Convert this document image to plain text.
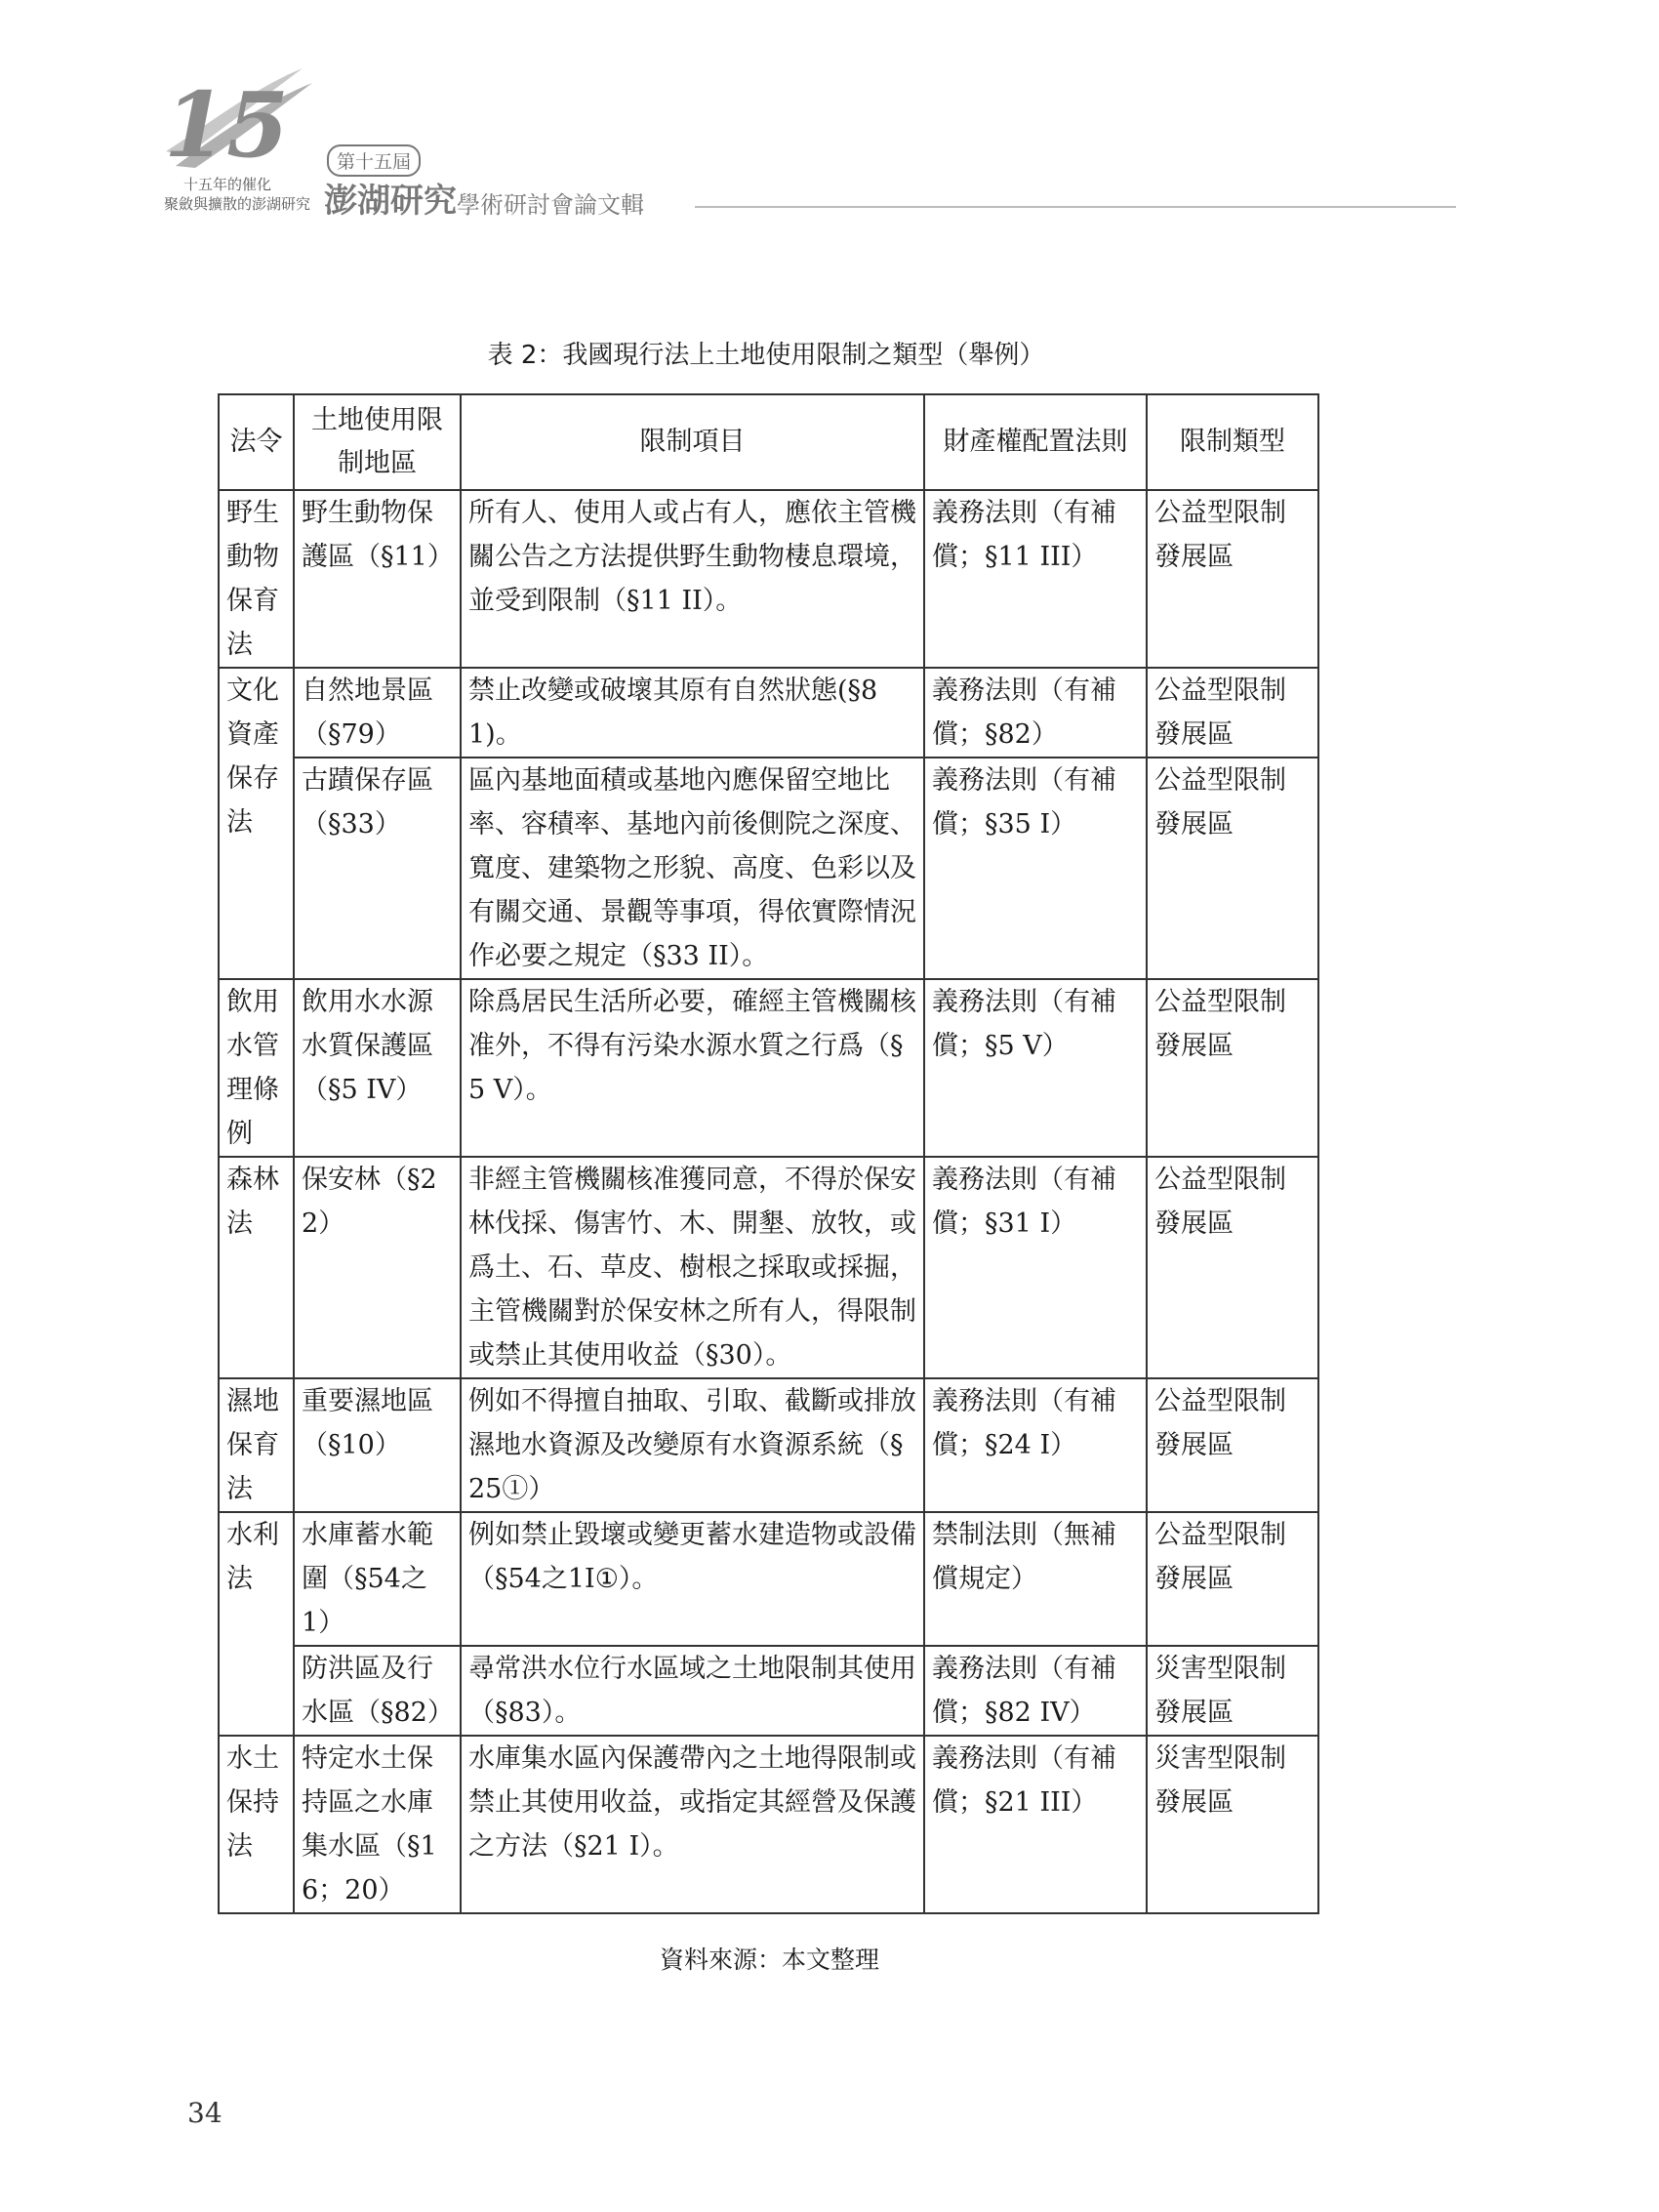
15
十五年的催化
聚斂與擴散的澎湖研究
第十五屆
澎湖研究 學術研討會論文輯
表 2：我國現行法上土地使用限制之類型（舉例）
法令	土地使用限制地區	限制項目	財產權配置法則	限制類型
野生動物保育法	野生動物保護區（§11）	所有人、使用人或占有人，應依主管機關公告之方法提供野生動物棲息環境，並受到限制（§11 II）。	義務法則（有補償；§11 III）	公益型限制發展區
文化資產保存法	自然地景區（§79）	禁止改變或破壞其原有自然狀態(§81)。	義務法則（有補償；§82）	公益型限制發展區
	古蹟保存區（§33）	區內基地面積或基地內應保留空地比率、容積率、基地內前後側院之深度、寬度、建築物之形貌、高度、色彩以及有關交通、景觀等事項，得依實際情況作必要之規定（§33 II）。	義務法則（有補償；§35 I）	公益型限制發展區
飲用水管理條例	飲用水水源水質保護區（§5 IV）	除爲居民生活所必要，確經主管機關核准外，不得有污染水源水質之行爲（§5 V）。	義務法則（有補償；§5 V）	公益型限制發展區
森林法	保安林（§22）	非經主管機關核准獲同意，不得於保安林伐採、傷害竹、木、開墾、放牧，或爲土、石、草皮、樹根之採取或採掘，主管機關對於保安林之所有人，得限制或禁止其使用收益（§30）。	義務法則（有補償；§31 I）	公益型限制發展區
濕地保育法	重要濕地區（§10）	例如不得擅自抽取、引取、截斷或排放濕地水資源及改變原有水資源系統（§25①）	義務法則（有補償；§24 I）	公益型限制發展區
水利法	水庫蓄水範圍（§54之1）	例如禁止毀壞或變更蓄水建造物或設備（§54之1I①）。	禁制法則（無補償規定）	公益型限制發展區
	防洪區及行水區（§82）	尋常洪水位行水區域之土地限制其使用（§83）。	義務法則（有補償；§82 IV）	災害型限制發展區
水土保持法	特定水土保持區之水庫集水區（§16；20）	水庫集水區內保護帶內之土地得限制或禁止其使用收益，或指定其經營及保護之方法（§21 I）。	義務法則（有補償；§21 III）	災害型限制發展區
資料來源：本文整理
34
